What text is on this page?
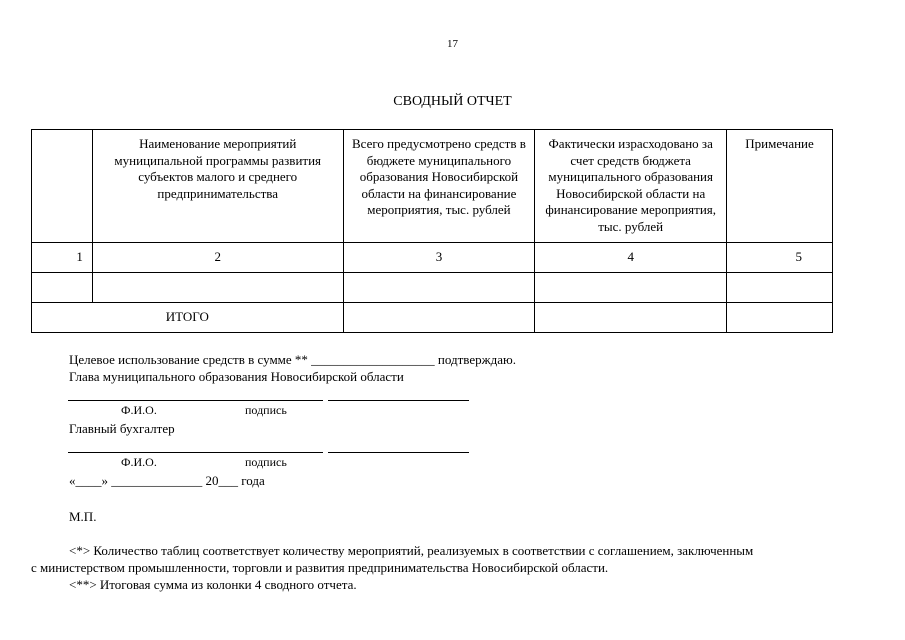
17
СВОДНЫЙ ОТЧЕТ
	Наименование мероприятий муниципальной программы развития субъектов малого и среднего предпринимательства	Всего предусмотрено средств в бюджете муниципального образования Новосибирской области на финансирование мероприятия, тыс. рублей	Фактически израсходовано за счет средств бюджета муниципального образования Новосибирской области на финансирование мероприятия, тыс. рублей	Примечание
1	2	3	4	5

ИТОГО				
Целевое использование средств в сумме ** ___________________ подтверждаю.
Глава муниципального образования Новосибирской области
Ф.И.О.	подпись
Главный бухгалтер
Ф.И.О.	подпись
«____» ______________ 20___ года
М.П.
<*> Количество таблиц соответствует количеству мероприятий, реализуемых в соответствии с соглашением, заключенным
с министерством промышленности, торговли и развития предпринимательства Новосибирской области.
<**> Итоговая сумма из колонки 4 сводного отчета.
